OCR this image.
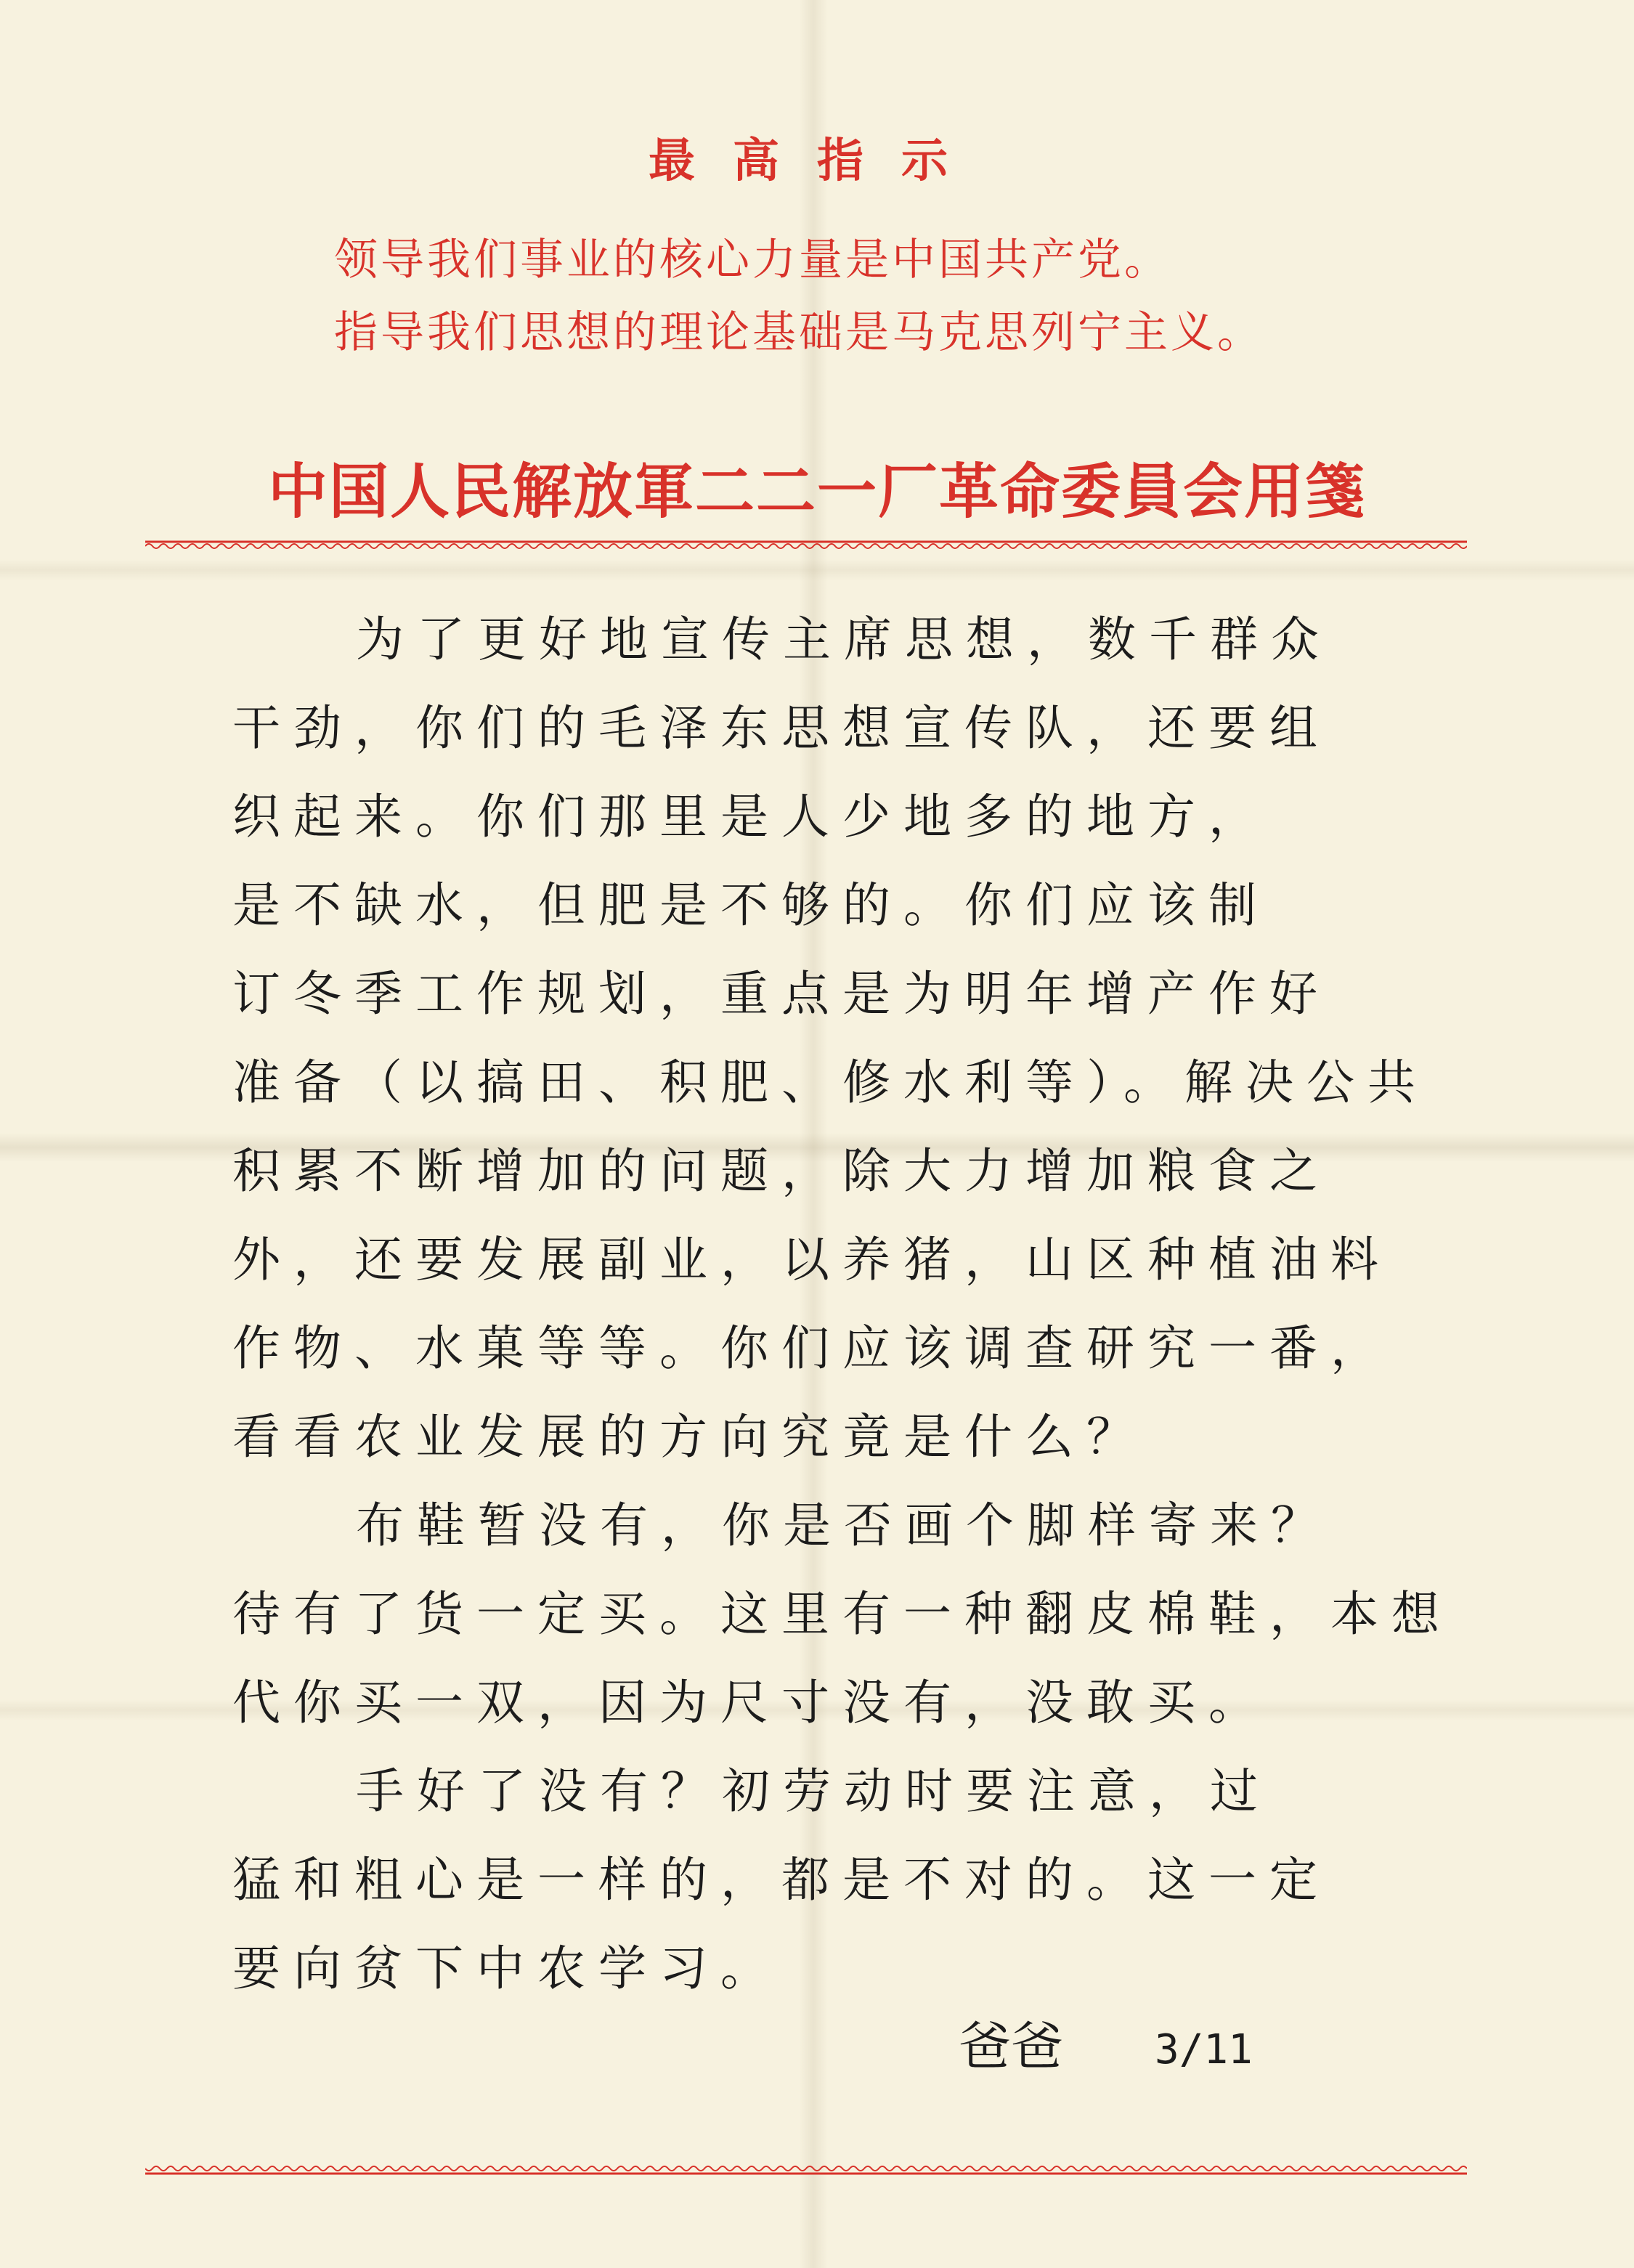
最高指示
领导我们事业的核心力量是中国共产党。
指导我们思想的理论基础是马克思列宁主义。
中国人民解放軍二二一厂革命委員会用箋
为了更好地宣传主席思想，数千群众
干劲，你们的毛泽东思想宣传队，还要组
织起来。你们那里是人少地多的地方，
是不缺水，但肥是不够的。你们应该制
订冬季工作规划，重点是为明年增产作好
准备（以搞田、积肥、修水利等）。解决公共
积累不断增加的问题，除大力增加粮食之
外，还要发展副业，以养猪，山区种植油料
作物、水菓等等。你们应该调查研究一番，
看看农业发展的方向究竟是什么？
布鞋暂没有，你是否画个脚样寄来？
待有了货一定买。这里有一种翻皮棉鞋，本想
代你买一双，因为尺寸没有，没敢买。
手好了没有？初劳动时要注意，过
猛和粗心是一样的，都是不对的。这一定
要向贫下中农学习。
爸爸 3/11
